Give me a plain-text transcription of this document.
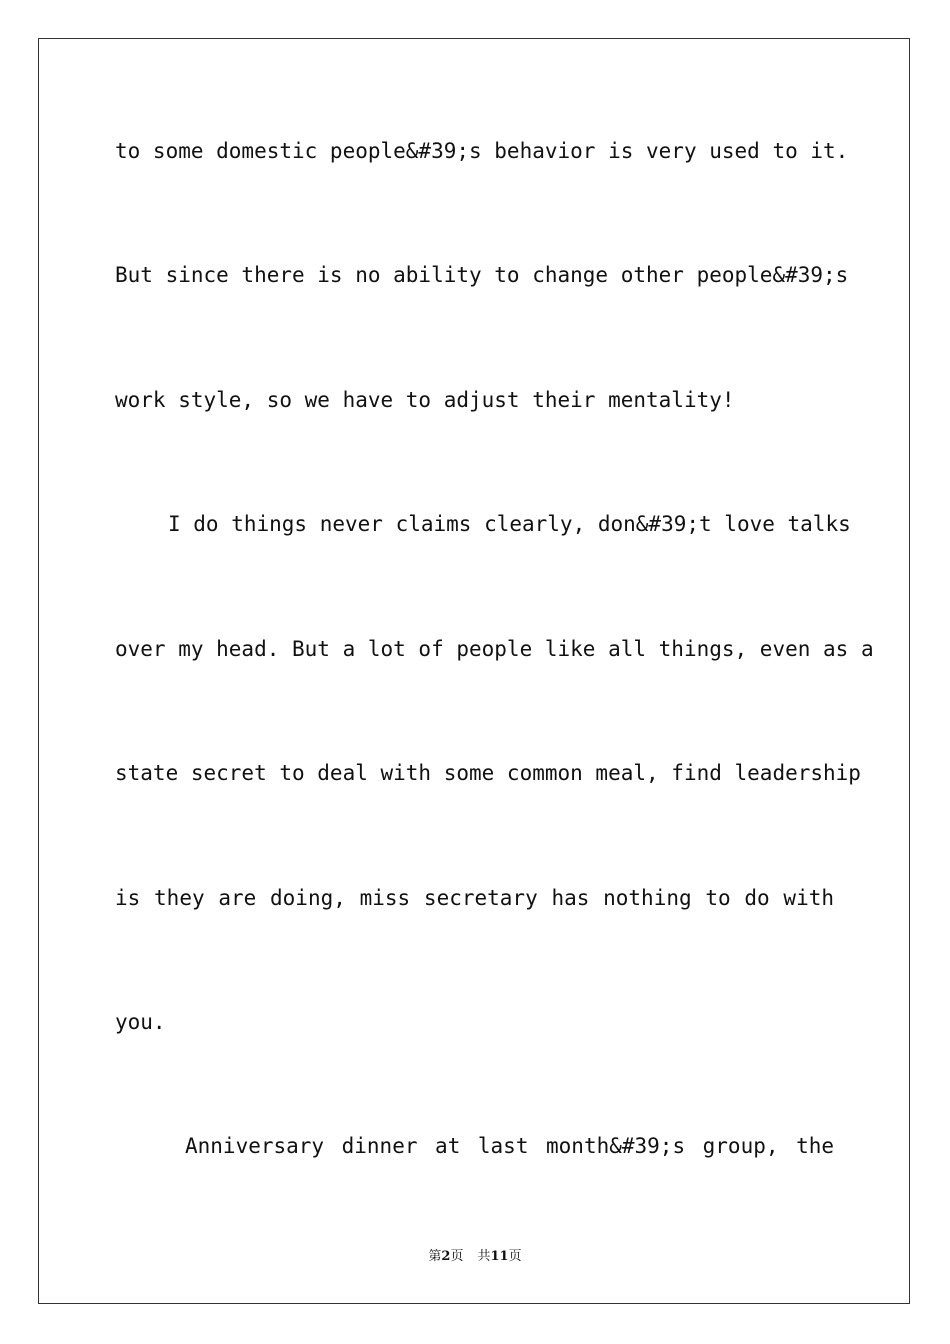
to some domestic people&#39;s behavior is very used to it.
But since there is no ability to change other people&#39;s
work style, so we have to adjust their mentality!
I do things never claims clearly, don&#39;t love talks
over my head. But a lot of people like all things, even as a
state secret to deal with some common meal, find leadership
is they are doing, miss secretary has nothing to do with
you.
Anniversary dinner at last month&#39;s group, the
第2页 共11页
